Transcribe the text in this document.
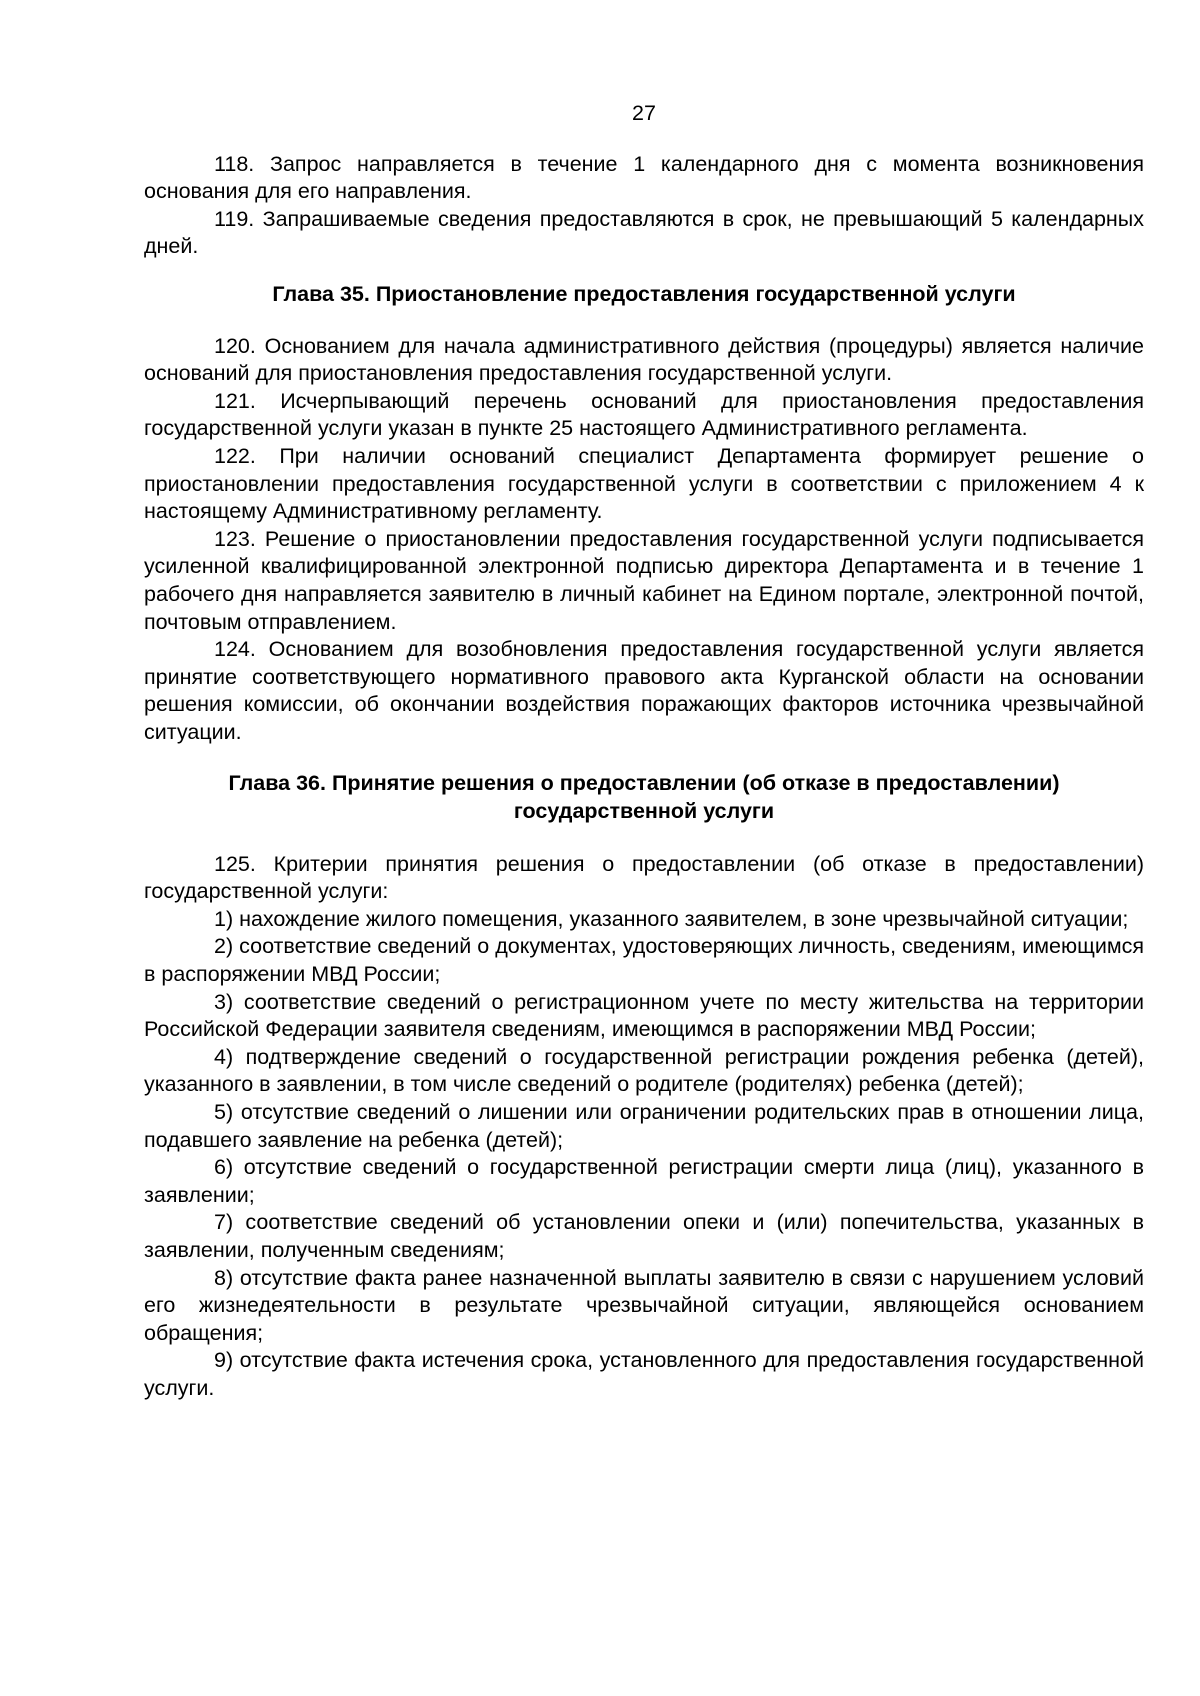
27

118. Запрос направляется в течение 1 календарного дня с момента возникновения основания для его направления.

119. Запрашиваемые сведения предоставляются в срок, не превышающий 5 календарных дней.

Глава 35. Приостановление предоставления государственной услуги

120. Основанием для начала административного действия (процедуры) является наличие оснований для приостановления предоставления государственной услуги.

121. Исчерпывающий перечень оснований для приостановления предоставления государственной услуги указан в пункте 25 настоящего Административного регламента.

122. При наличии оснований специалист Департамента формирует решение о приостановлении предоставления государственной услуги в соответствии с приложением 4 к настоящему Административному регламенту.

123. Решение о приостановлении предоставления государственной услуги подписывается усиленной квалифицированной электронной подписью директора Департамента и в течение 1 рабочего дня направляется заявителю в личный кабинет на Едином портале, электронной почтой, почтовым отправлением.

124. Основанием для возобновления предоставления государственной услуги является принятие соответствующего нормативного правового акта Курганской области на основании решения комиссии, об окончании воздействия поражающих факторов источника чрезвычайной ситуации.

Глава 36. Принятие решения о предоставлении (об отказе в предоставлении)
государственной услуги

125. Критерии принятия решения о предоставлении (об отказе в предоставлении) государственной услуги:

1) нахождение жилого помещения, указанного заявителем, в зоне чрезвычайной ситуации;

2) соответствие сведений о документах, удостоверяющих личность, сведениям, имеющимся в распоряжении МВД России;

3) соответствие сведений о регистрационном учете по месту жительства на территории Российской Федерации заявителя сведениям, имеющимся в распоряжении МВД России;

4) подтверждение сведений о государственной регистрации рождения ребенка (детей), указанного в заявлении, в том числе сведений о родителе (родителях) ребенка (детей);

5) отсутствие сведений о лишении или ограничении родительских прав в отношении лица, подавшего заявление на ребенка (детей);

6) отсутствие сведений о государственной регистрации смерти лица (лиц), указанного в заявлении;

7) соответствие сведений об установлении опеки и (или) попечительства, указанных в заявлении, полученным сведениям;

8) отсутствие факта ранее назначенной выплаты заявителю в связи с нарушением условий его жизнедеятельности в результате чрезвычайной ситуации, являющейся основанием обращения;

9) отсутствие факта истечения срока, установленного для предоставления государственной услуги.
